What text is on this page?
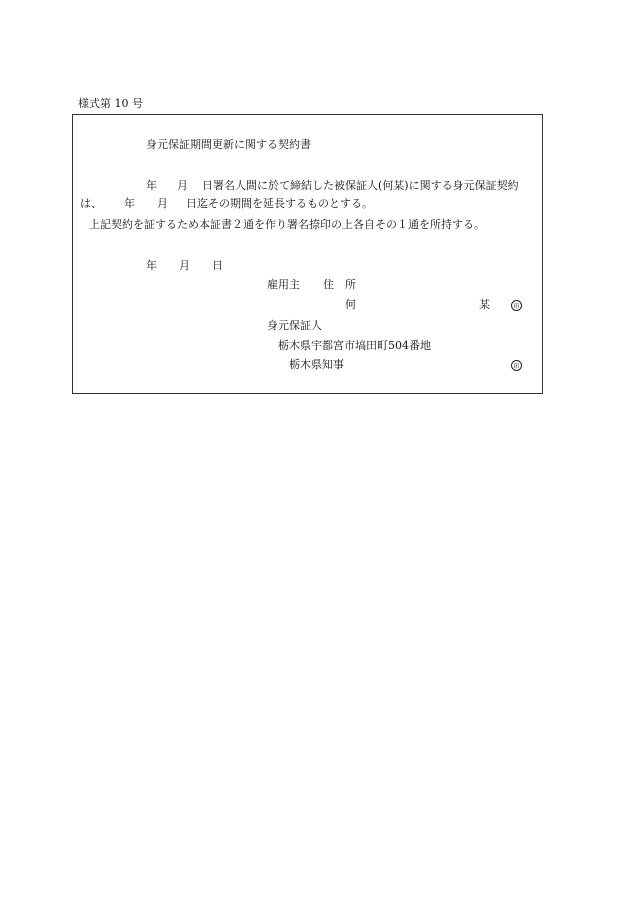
様式第 10 号
身元保証期間更新に関する契約書
年 月 日署名人間に於て締結した被保証人(何某)に関する身元保証契約
は、 年 月 日迄その期間を延長するものとする。
上記契約を証するため本証書２通を作り署名捺印の上各自その１通を所持する。
年 月 日
雇用主 住 所
何	某	印
身元保証人
栃木県宇都宮市塙田町504番地
栃木県知事	印
